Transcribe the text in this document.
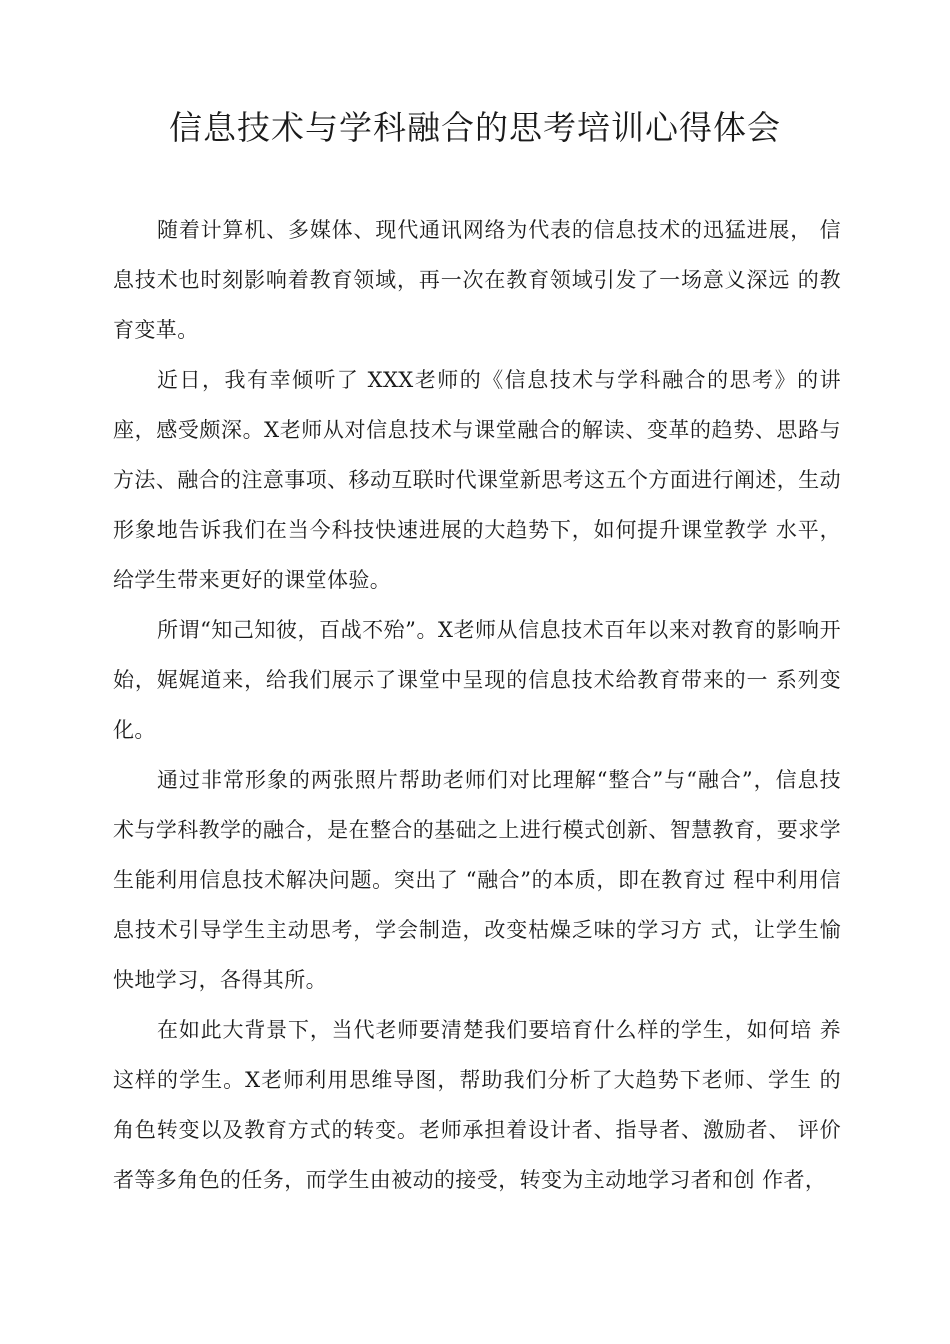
信息技术与学科融合的思考培训心得体会

随着计算机、多媒体、现代通讯网络为代表的信息技术的迅猛进展， 信息技术也时刻影响着教育领域，再一次在教育领域引发了一场意义深远 的教育变革。

近日，我有幸倾听了 XXX老师的《信息技术与学科融合的思考》的讲座，感受颇深。X老师从对信息技术与课堂融合的解读、变革的趋势、思路与方法、融合的注意事项、移动互联时代课堂新思考这五个方面进行阐述，生动形象地告诉我们在当今科技快速进展的大趋势下，如何提升课堂教学 水平，给学生带来更好的课堂体验。

所谓“知己知彼，百战不殆”。X老师从信息技术百年以来对教育的影响开始，娓娓道来，给我们展示了课堂中呈现的信息技术给教育带来的一 系列变化。

通过非常形象的两张照片帮助老师们对比理解“整合”与“融合”，信息技术与学科教学的融合，是在整合的基础之上进行模式创新、智慧教育，要求学生能利用信息技术解决问题。突出了 “融合”的本质，即在教育过 程中利用信息技术引导学生主动思考，学会制造，改变枯燥乏味的学习方 式，让学生愉快地学习，各得其所。

在如此大背景下，当代老师要清楚我们要培育什么样的学生，如何培 养这样的学生。X老师利用思维导图，帮助我们分析了大趋势下老师、学生 的角色转变以及教育方式的转变。老师承担着设计者、指导者、激励者、 评价者等多角色的任务，而学生由被动的接受，转变为主动地学习者和创 作者，
